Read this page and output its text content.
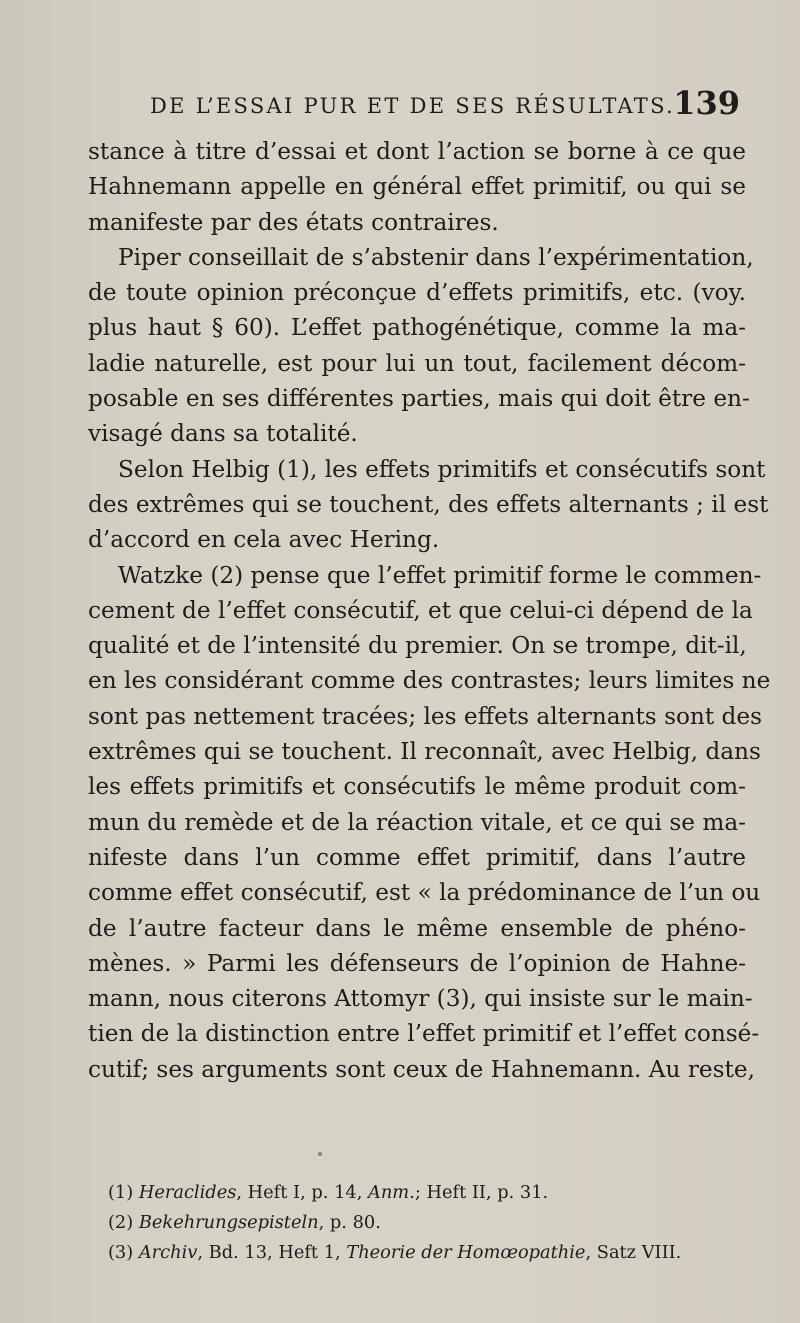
DE L’ESSAI PUR ET DE SES RÉSULTATS.
139
stance à titre d’essai et dont l’action se borne à ce que
Hahnemann appelle en général effet primitif, ou qui se
manifeste par des états contraires.
Piper conseillait de s’abstenir dans l’expérimentation,
de toute opinion préconçue d’effets primitifs, etc. (voy.
plus haut § 60). L’effet pathogénétique, comme la ma-
ladie naturelle, est pour lui un tout, facilement décom-
posable en ses différentes parties, mais qui doit être en-
visagé dans sa totalité.
Selon Helbig (1), les effets primitifs et consécutifs sont
des extrêmes qui se touchent, des effets alternants ; il est
d’accord en cela avec Hering.
Watzke (2) pense que l’effet primitif forme le commen-
cement de l’effet consécutif, et que celui-ci dépend de la
qualité et de l’intensité du premier. On se trompe, dit-il,
en les considérant comme des contrastes; leurs limites ne
sont pas nettement tracées; les effets alternants sont des
extrêmes qui se touchent. Il reconnaît, avec Helbig, dans
les effets primitifs et consécutifs le même produit com-
mun du remède et de la réaction vitale, et ce qui se ma-
nifeste dans l’un comme effet primitif, dans l’autre
comme effet consécutif, est « la prédominance de l’un ou
de l’autre facteur dans le même ensemble de phéno-
mènes. » Parmi les défenseurs de l’opinion de Hahne-
mann, nous citerons Attomyr (3), qui insiste sur le main-
tien de la distinction entre l’effet primitif et l’effet consé-
cutif; ses arguments sont ceux de Hahnemann. Au reste,
(1) Heraclides, Heft I, p. 14, Anm.; Heft II, p. 31.
(2) Bekehrungsepisteln, p. 80.
(3) Archiv, Bd. 13, Heft 1, Theorie der Homœopathie, Satz VIII.
